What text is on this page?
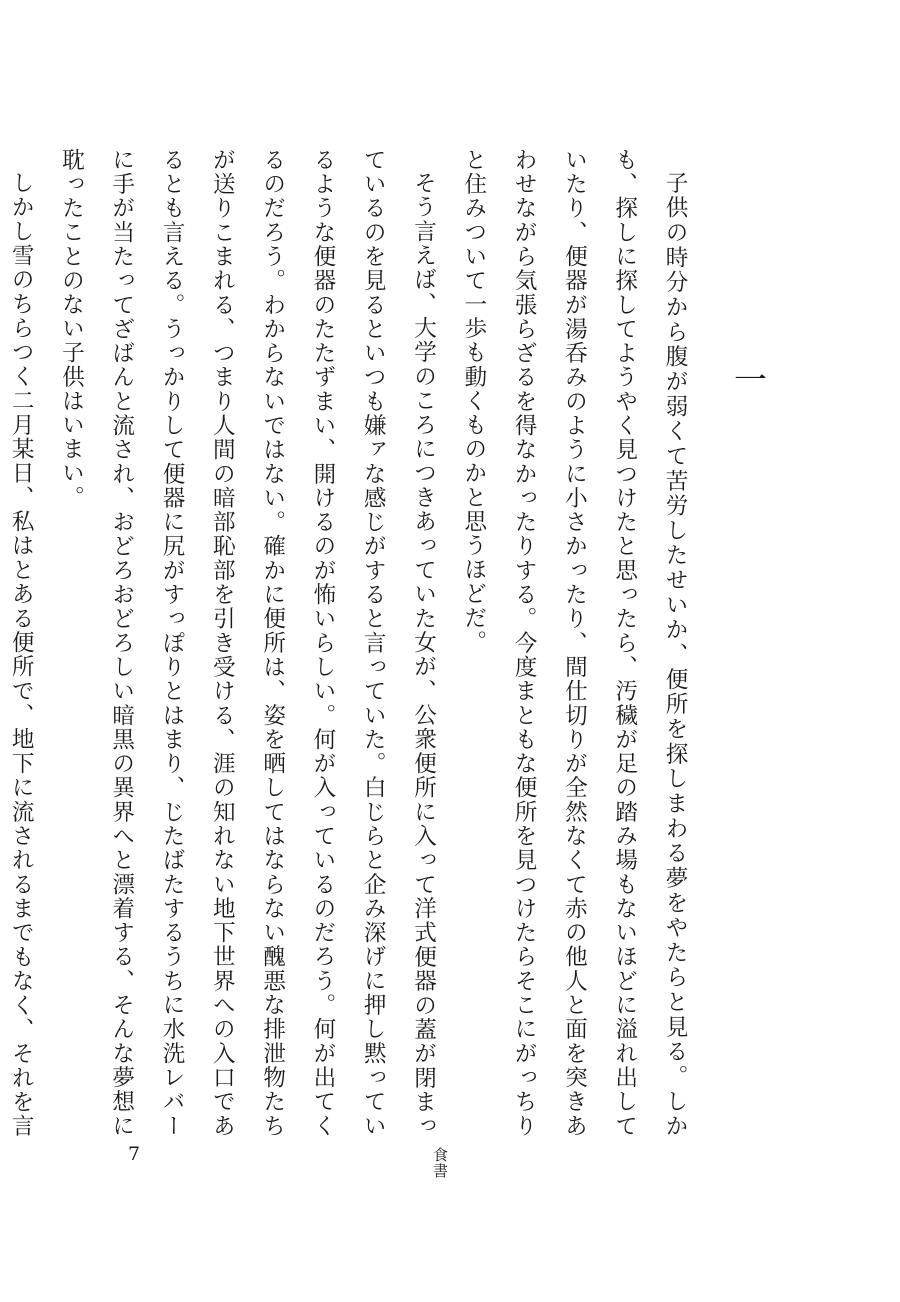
一

子供の時分から腹が弱くて苦労したせいか、便所を探しまわる夢をやたらと見る。しかも、探しに探してようやく見つけたと思ったら、汚穢が足の踏み場もないほどに溢れ出していたり、便器が湯呑みのように小さかったり、間仕切りが全然なくて赤の他人と面を突きあわせながら気張らざるを得なかったりする。今度まともな便所を見つけたらそこにがっちりと住みついて一歩も動くものかと思うほどだ。

そう言えば、大学のころにつきあっていた女が、公衆便所に入って洋式便器の蓋が閉まっているのを見るといつも嫌ァな感じがすると言っていた。白じらと企み深げに押し黙っているような便器のたたずまい、開けるのが怖いらしい。何が入っているのだろう。何が出てくるのだろう。わからないではない。確かに便所は、姿を晒してはならない醜悪な排泄物たちが送りこまれる、つまり人間の暗部恥部を引き受ける、涯の知れない地下世界への入口であるとも言える。うっかりして便器に尻がすっぽりとはまり、じたばたするうちに水洗レバーに手が当たってざばんと流され、おどろおどろしい暗黒の異界へと漂着する、そんな夢想に耽ったことのない子供はいまい。

しかし雪のちらつく二月某日、私はとある便所で、地下に流されるまでもなく、それを言

7	食書
